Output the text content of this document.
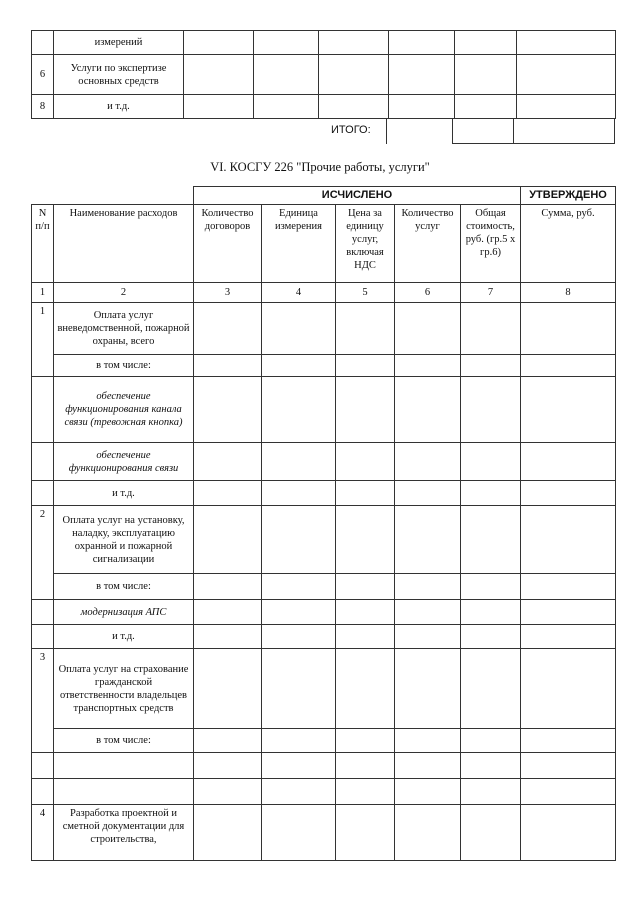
	измерений						
6	Услуги по экспертизе основных средств						
8	и т.д.						
ИТОГО:
VI. КОСГУ 226 "Прочие работы, услуги"
		ИСЧИСЛЕНО					УТВЕРЖДЕНО
N п/п	Наименование расходов	Количество договоров	Единица измерения	Цена за единицу услуг, включая НДС	Количество услуг	Общая стоимость, руб. (гр.5 x гр.6)	Сумма, руб.
1	2	3	4	5	6	7	8
1	Оплата услуг вневедомственной, пожарной охраны, всего						
	в том числе:						
	обеспечение функционирования канала связи (тревожная кнопка)						
	обеспечение функционирования связи						
	и т.д.						
2	Оплата услуг на установку, наладку, эксплуатацию охранной и пожарной сигнализации						
	в том числе:						
	модернизация АПС						
	и т.д.						
3	Оплата услуг на страхование гражданской ответственности владельцев транспортных средств						
	в том числе:						

4	Разработка проектной и сметной документации для строительства,						
